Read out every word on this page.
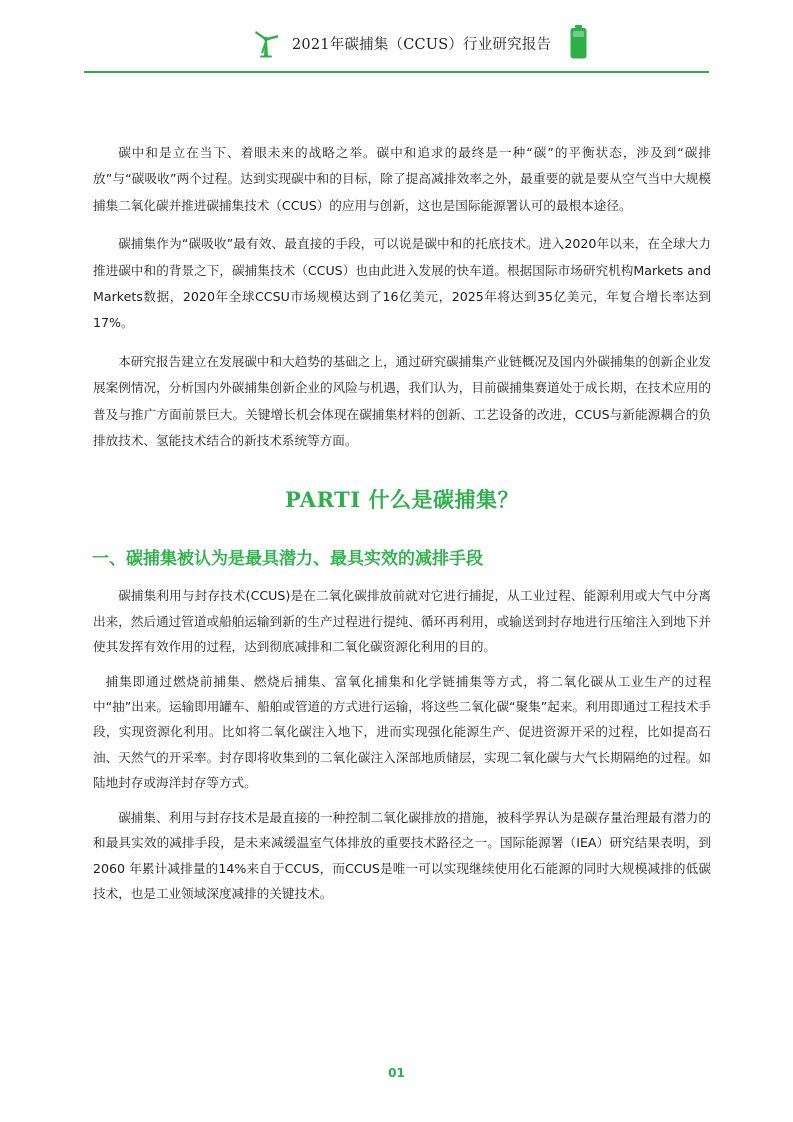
2021年碳捕集（CCUS）行业研究报告

碳中和是立在当下、着眼未来的战略之举。碳中和追求的最终是一种“碳”的平衡状态，涉及到“碳排放”与“碳吸收”两个过程。达到实现碳中和的目标，除了提高减排效率之外，最重要的就是要从空气当中大规模捕集二氧化碳并推进碳捕集技术（CCUS）的应用与创新，这也是国际能源署认可的最根本途径。

碳捕集作为“碳吸收”最有效、最直接的手段，可以说是碳中和的托底技术。进入2020年以来，在全球大力推进碳中和的背景之下，碳捕集技术（CCUS）也由此进入发展的快车道。根据国际市场研究机构Markets and Markets数据，2020年全球CCSU市场规模达到了16亿美元，2025年将达到35亿美元，年复合增长率达到17%。

本研究报告建立在发展碳中和大趋势的基础之上，通过研究碳捕集产业链概况及国内外碳捕集的创新企业发展案例情况，分析国内外碳捕集创新企业的风险与机遇，我们认为，目前碳捕集赛道处于成长期，在技术应用的普及与推广方面前景巨大。关键增长机会体现在碳捕集材料的创新、工艺设备的改进，CCUS与新能源耦合的负排放技术、氢能技术结合的新技术系统等方面。

PARTⅠ 什么是碳捕集？
一、碳捕集被认为是最具潜力、最具实效的减排手段

碳捕集利用与封存技术(CCUS)是在二氧化碳排放前就对它进行捕捉，从工业过程、能源利用或大气中分离出来，然后通过管道或船舶运输到新的生产过程进行提纯、循环再利用，或输送到封存地进行压缩注入到地下并使其发挥有效作用的过程，达到彻底减排和二氧化碳资源化利用的目的。

捕集即通过燃烧前捕集、燃烧后捕集、富氧化捕集和化学链捕集等方式，将二氧化碳从工业生产的过程中“抽”出来。运输即用罐车、船舶或管道的方式进行运输，将这些二氧化碳“聚集”起来。利用即通过工程技术手段，实现资源化利用。比如将二氧化碳注入地下，进而实现强化能源生产、促进资源开采的过程，比如提高石油、天然气的开采率。封存即将收集到的二氧化碳注入深部地质储层，实现二氧化碳与大气长期隔绝的过程。如陆地封存或海洋封存等方式。

碳捕集、利用与封存技术是最直接的一种控制二氧化碳排放的措施，被科学界认为是碳存量治理最有潜力的和最具实效的减排手段，是未来减缓温室气体排放的重要技术路径之一。国际能源署（IEA）研究结果表明，到2060 年累计减排量的14%来自于CCUS，而CCUS是唯一可以实现继续使用化石能源的同时大规模减排的低碳技术，也是工业领域深度减排的关键技术。

01
